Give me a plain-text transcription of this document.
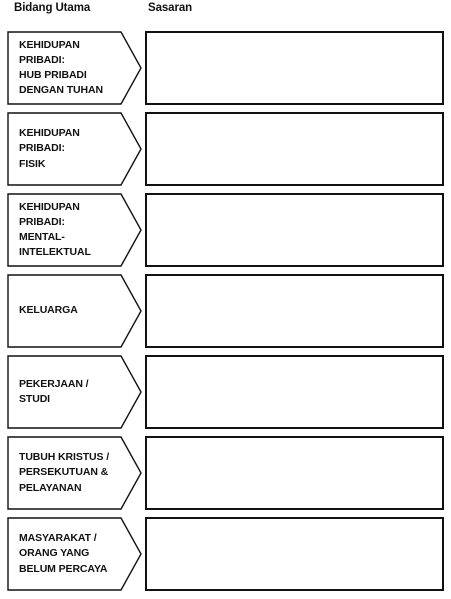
Bidang Utama	Sasaran
KEHIDUPAN
PRIBADI:
HUB PRIBADI
DENGAN TUHAN
KEHIDUPAN
PRIBADI:
FISIK
KEHIDUPAN
PRIBADI:
MENTAL-
INTELEKTUAL
KELUARGA
PEKERJAAN /
STUDI
TUBUH KRISTUS /
PERSEKUTUAN &
PELAYANAN
MASYARAKAT /
ORANG YANG
BELUM PERCAYA
